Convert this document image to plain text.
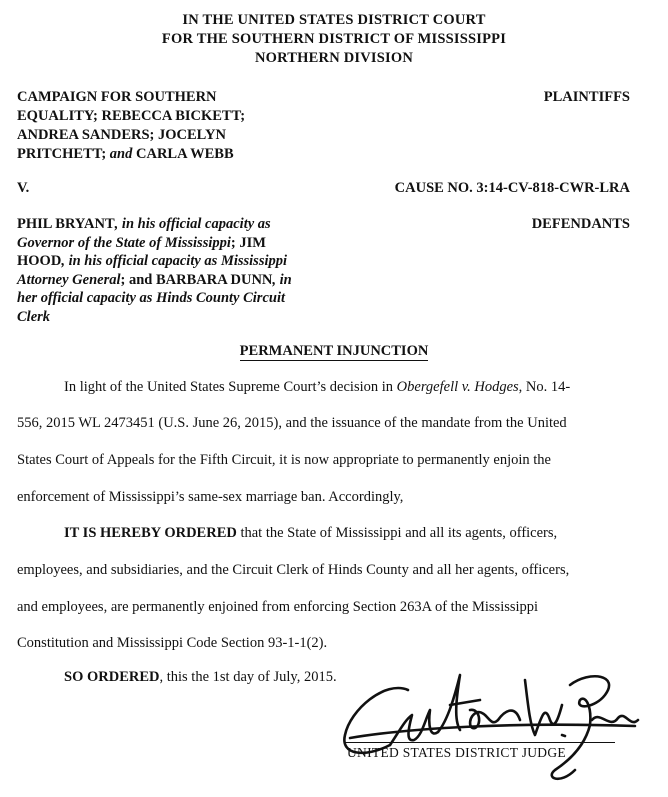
IN THE UNITED STATES DISTRICT COURT
FOR THE SOUTHERN DISTRICT OF MISSISSIPPI
NORTHERN DIVISION
CAMPAIGN FOR SOUTHERN
EQUALITY; REBECCA BICKETT;
ANDREA SANDERS; JOCELYN
PRITCHETT; and CARLA WEBB
PLAINTIFFS
V.	CAUSE NO. 3:14-CV-818-CWR-LRA
PHIL BRYANT, in his official capacity as
Governor of the State of Mississippi; JIM
HOOD, in his official capacity as Mississippi
Attorney General; and BARBARA DUNN, in
her official capacity as Hinds County Circuit
Clerk
DEFENDANTS
PERMANENT INJUNCTION
In light of the United States Supreme Court’s decision in Obergefell v. Hodges, No. 14-
556, 2015 WL 2473451 (U.S. June 26, 2015), and the issuance of the mandate from the United
States Court of Appeals for the Fifth Circuit, it is now appropriate to permanently enjoin the
enforcement of Mississippi’s same-sex marriage ban. Accordingly,
IT IS HEREBY ORDERED that the State of Mississippi and all its agents, officers,
employees, and subsidiaries, and the Circuit Clerk of Hinds County and all her agents, officers,
and employees, are permanently enjoined from enforcing Section 263A of the Mississippi
Constitution and Mississippi Code Section 93-1-1(2).
SO ORDERED, this the 1st day of July, 2015.
UNITED STATES DISTRICT JUDGE
